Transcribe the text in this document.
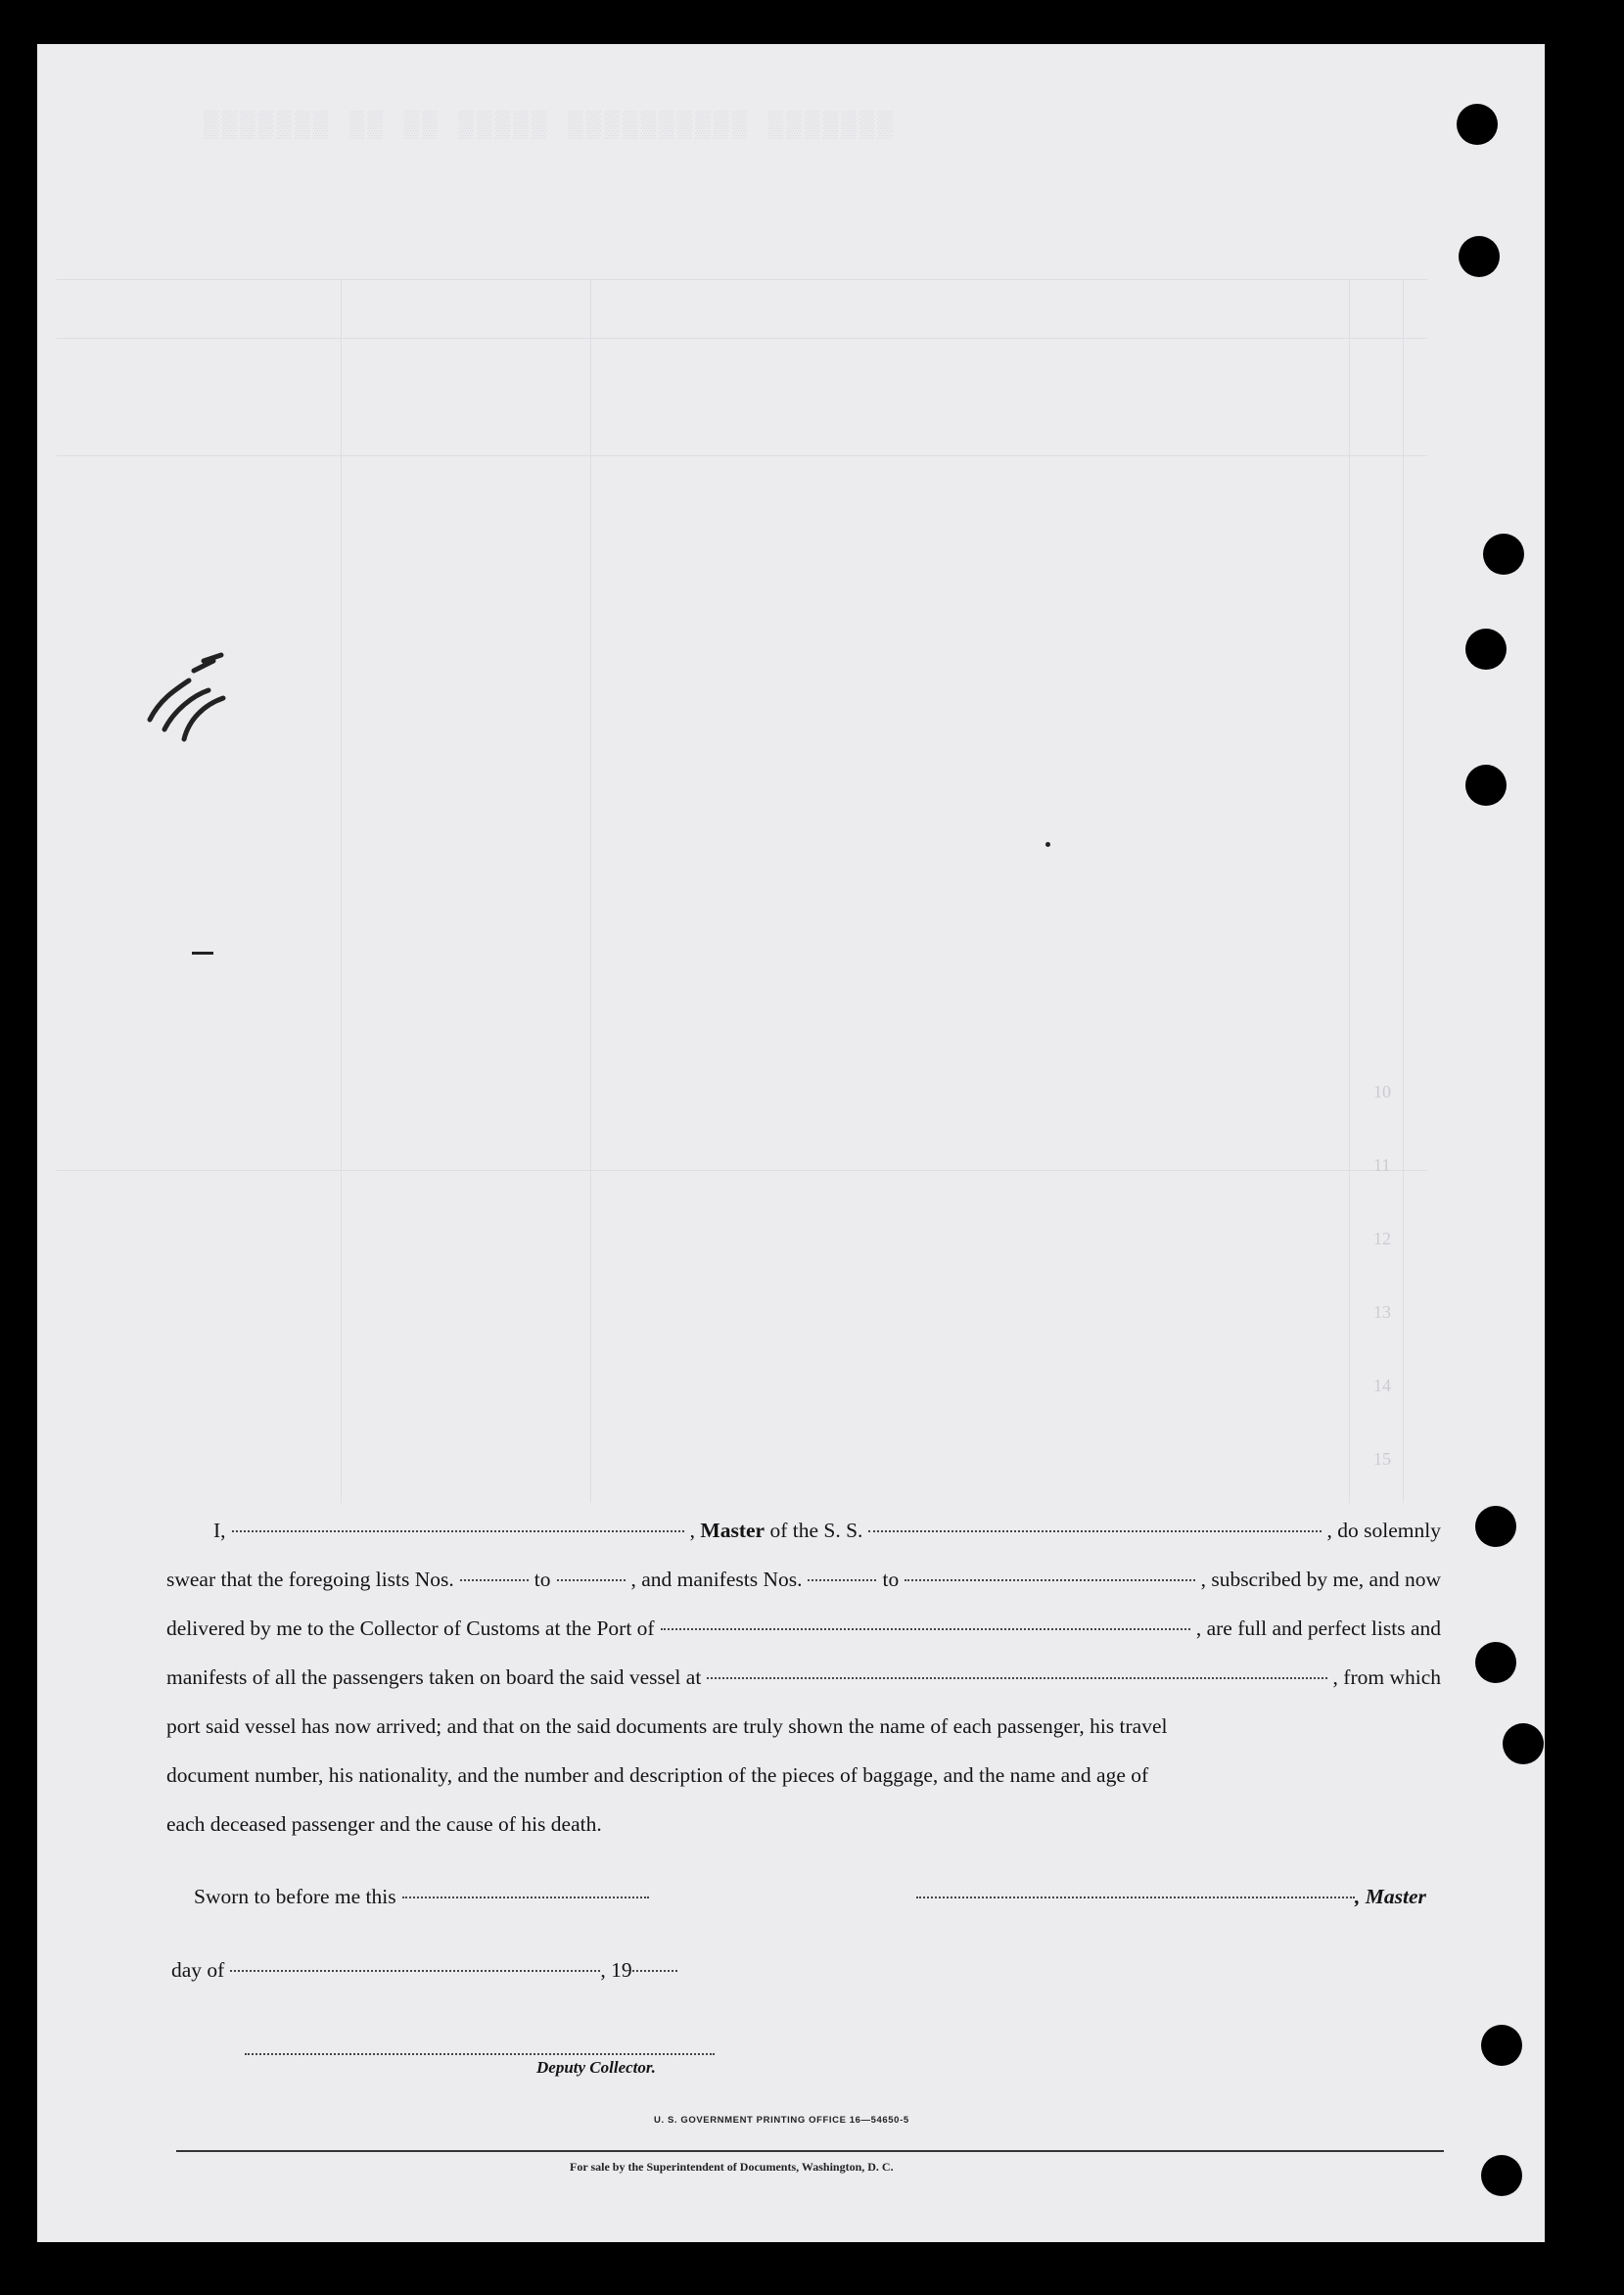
▒▒▒▒▒▒▒ ▒▒ ▒▒ ▒▒▒▒▒ ▒▒▒▒▒▒▒▒▒▒ ▒▒▒▒▒▒▒
10
11
12
13
14
15
I,	, Master of the S. S.	, do solemnly
swear that the foregoing lists Nos.	to	, and manifests Nos.	to	, subscribed by me, and now
delivered by me to the Collector of Customs at the Port of	, are full and perfect lists and
manifests of all the passengers taken on board the said vessel at	, from which
port said vessel has now arrived; and that on the said documents are truly shown the name of each passenger, his travel
document number, his nationality, and the number and description of the pieces of baggage, and the name and age of
each deceased passenger and the cause of his death.
Sworn to before me this	, Master
day of	, 19
Deputy Collector.
U. S. GOVERNMENT PRINTING OFFICE 16—54650-5
For sale by the Superintendent of Documents, Washington, D. C.
